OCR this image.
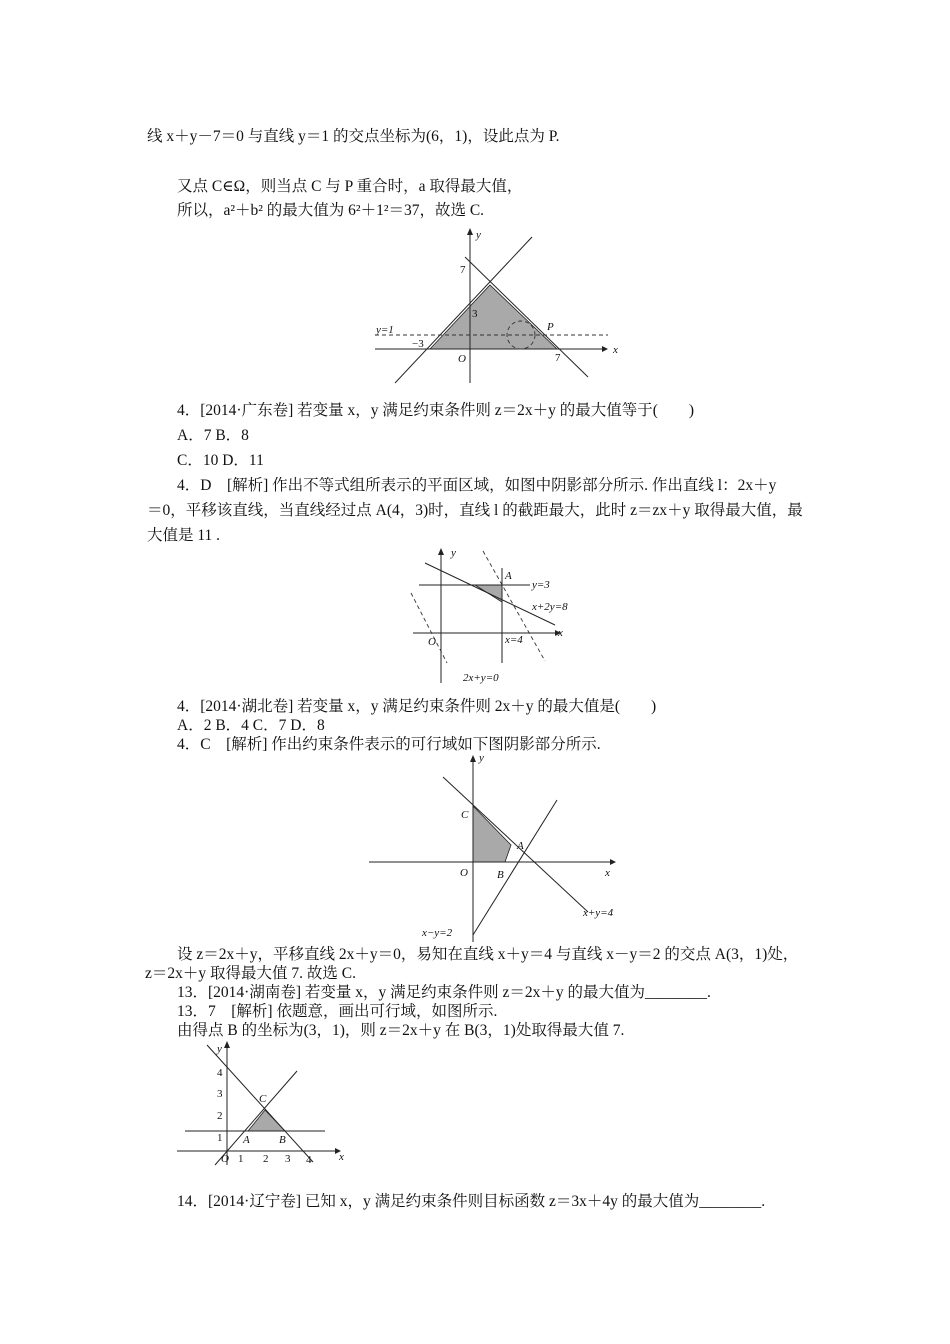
线 x＋y－7＝0 与直线 y＝1 的交点坐标为(6，1)，设此点为 P.
又点 C∈Ω，则当点 C 与 P 重合时，a 取得最大值，
所以，a²＋b² 的最大值为 6²＋1²＝37，故选 C.
x
y
O
y=1
7
3
−3
7
P
4．[2014·广东卷] 若变量 x，y 满足约束条件则 z＝2x＋y 的最大值等于(　　)
A．7 B．8
C．10 D．11
4．D　[解析] 作出不等式组所表示的平面区域，如图中阴影部分所示. 作出直线 l：2x＋y
＝0，平移该直线，当直线经过点 A(4，3)时，直线 l 的截距最大，此时 z＝zx＋y 取得最大值，最
大值是 11 .
x
y
O
A
y=3
x+2y=8
x=4
2x+y=0
4．[2014·湖北卷] 若变量 x，y 满足约束条件则 2x＋y 的最大值是(　　)
A．2 B．4 C．7 D．8
4．C　[解析] 作出约束条件表示的可行域如下图阴影部分所示.
x
y
O
C
A
B
x+y=4
x−y=2
设 z＝2x＋y，平移直线 2x＋y＝0，易知在直线 x＋y＝4 与直线 x－y＝2 的交点 A(3，1)处，
z＝2x＋y 取得最大值 7. 故选 C.
13．[2014·湖南卷] 若变量 x，y 满足约束条件则 z＝2x＋y 的最大值为________.
13．7　[解析] 依题意，画出可行域，如图所示.
由得点 B 的坐标为(3，1)，则 z＝2x＋y 在 B(3，1)处取得最大值 7.
x
y
O
A	B
C
1 2 3 4
1
2
3
4
14．[2014·辽宁卷] 已知 x，y 满足约束条件则目标函数 z＝3x＋4y 的最大值为________.
